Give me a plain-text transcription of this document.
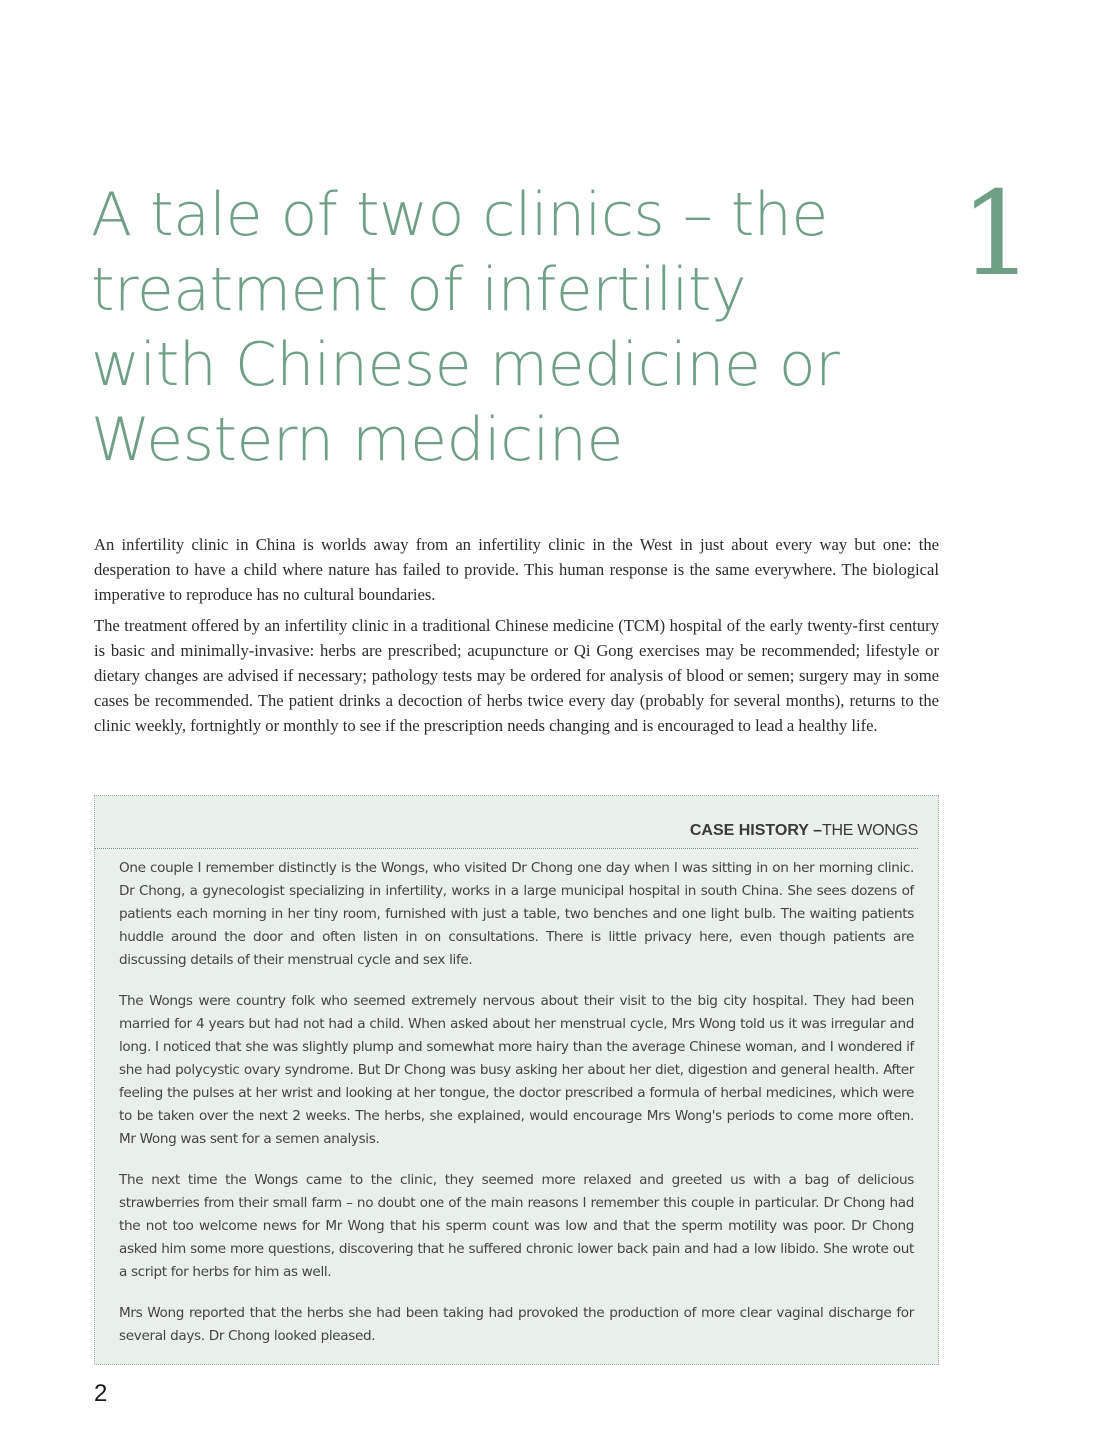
A tale of two clinics – the treatment of infertility with Chinese medicine or Western medicine
1

An infertility clinic in China is worlds away from an infertility clinic in the West in just about every way but one: the desperation to have a child where nature has failed to provide. This human response is the same everywhere. The biological imperative to reproduce has no cultural boundaries.

The treatment offered by an infertility clinic in a traditional Chinese medicine (TCM) hospital of the early twenty-first century is basic and minimally-invasive: herbs are prescribed; acupuncture or Qi Gong exercises may be recommended; lifestyle or dietary changes are advised if necessary; pathology tests may be ordered for analysis of blood or semen; surgery may in some cases be recommended. The patient drinks a decoction of herbs twice every day (probably for several months), returns to the clinic weekly, fortnightly or monthly to see if the prescription needs changing and is encouraged to lead a healthy life.

CASE HISTORY –THE WONGS

One couple I remember distinctly is the Wongs, who visited Dr Chong one day when I was sitting in on her morning clinic. Dr Chong, a gynecologist specializing in infertility, works in a large municipal hospital in south China. She sees dozens of patients each morning in her tiny room, furnished with just a table, two benches and one light bulb. The waiting patients huddle around the door and often listen in on consultations. There is little privacy here, even though patients are discussing details of their menstrual cycle and sex life.

The Wongs were country folk who seemed extremely nervous about their visit to the big city hospital. They had been married for 4 years but had not had a child. When asked about her menstrual cycle, Mrs Wong told us it was irregular and long. I noticed that she was slightly plump and somewhat more hairy than the average Chinese woman, and I wondered if she had polycystic ovary syndrome. But Dr Chong was busy asking her about her diet, digestion and general health. After feeling the pulses at her wrist and looking at her tongue, the doctor prescribed a formula of herbal medicines, which were to be taken over the next 2 weeks. The herbs, she explained, would encourage Mrs Wong's periods to come more often. Mr Wong was sent for a semen analysis.

The next time the Wongs came to the clinic, they seemed more relaxed and greeted us with a bag of delicious strawberries from their small farm – no doubt one of the main reasons I remember this couple in particular. Dr Chong had the not too welcome news for Mr Wong that his sperm count was low and that the sperm motility was poor. Dr Chong asked him some more questions, discovering that he suffered chronic lower back pain and had a low libido. She wrote out a script for herbs for him as well.

Mrs Wong reported that the herbs she had been taking had provoked the production of more clear vaginal discharge for several days. Dr Chong looked pleased.

2
